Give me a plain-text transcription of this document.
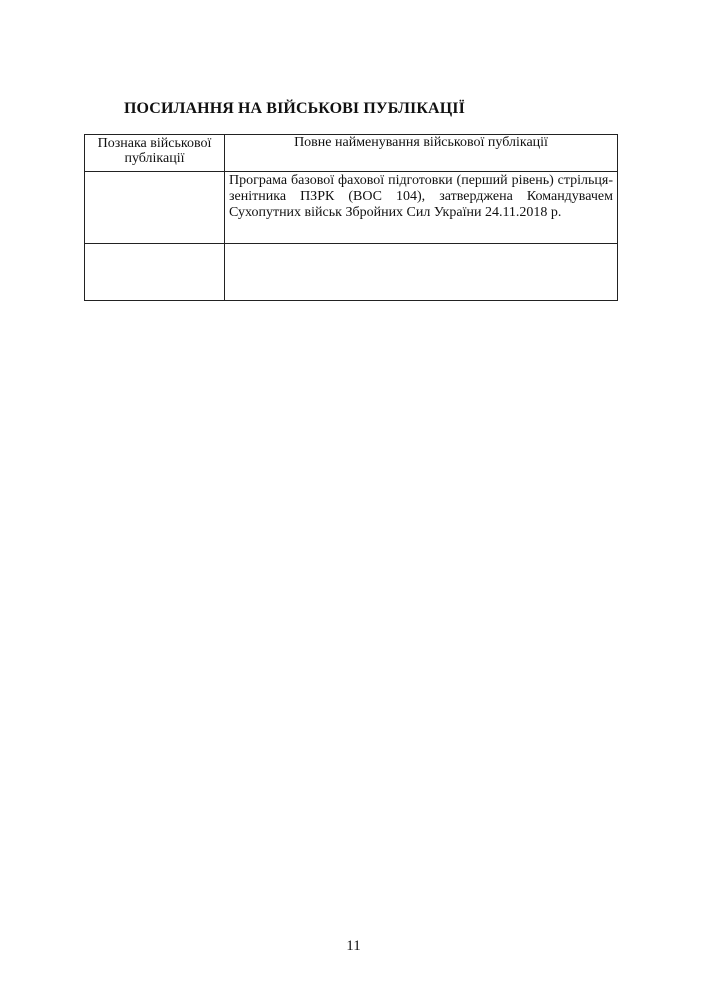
ПОСИЛАННЯ НА ВІЙСЬКОВІ ПУБЛІКАЦІЇ
Познака військової публікації	Повне найменування військової публікації
	Програма базової фахової підготовки (перший рівень) стрільця-зенітника ПЗРК (ВОС 104), затверджена Командувачем Сухопутних військ Збройних Сил України 24.11.2018 р.

11
